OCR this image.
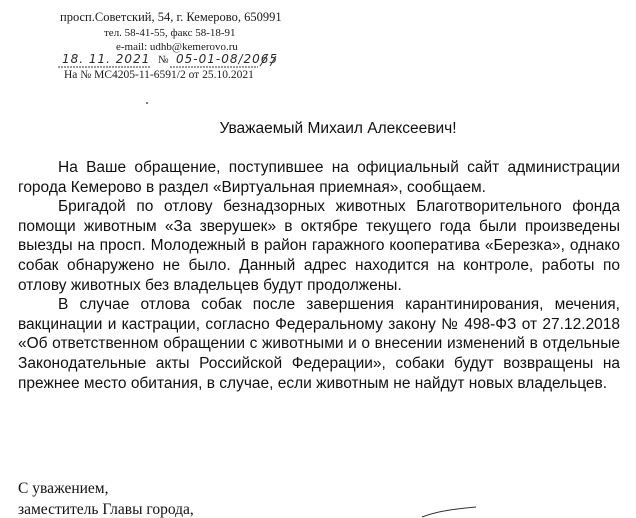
просп.Советский, 54, г. Кемерово, 650991
тел. 58-41-55, факс 58-18-91
e-mail: udhb@kemerovo.ru
18. 11. 2021 № 05-01-08/2065
На № МС4205-11-6591/2 от 25.10.2021
Уважаемый Михаил Алексеевич!

На Ваше обращение, поступившее на официальный сайт администрации города Кемерово в раздел «Виртуальная приемная», сообщаем.

Бригадой по отлову безнадзорных животных Благотворительного фонда помощи животным «За зверушек» в октябре текущего года были произведены выезды на просп. Молодежный в район гаражного кооператива «Березка», однако собак обнаружено не было. Данный адрес находится на контроле, работы по отлову животных без владельцев будут продолжены.

В случае отлова собак после завершения карантинирования, мечения, вакцинации и кастрации, согласно Федеральному закону № 498-ФЗ от 27.12.2018 «Об ответственном обращении с животными и о внесении изменений в отдельные Законодательные акты Российской Федерации», собаки будут возвращены на прежнее место обитания, в случае, если животным не найдут новых владельцев.

С уважением,
заместитель Главы города,
